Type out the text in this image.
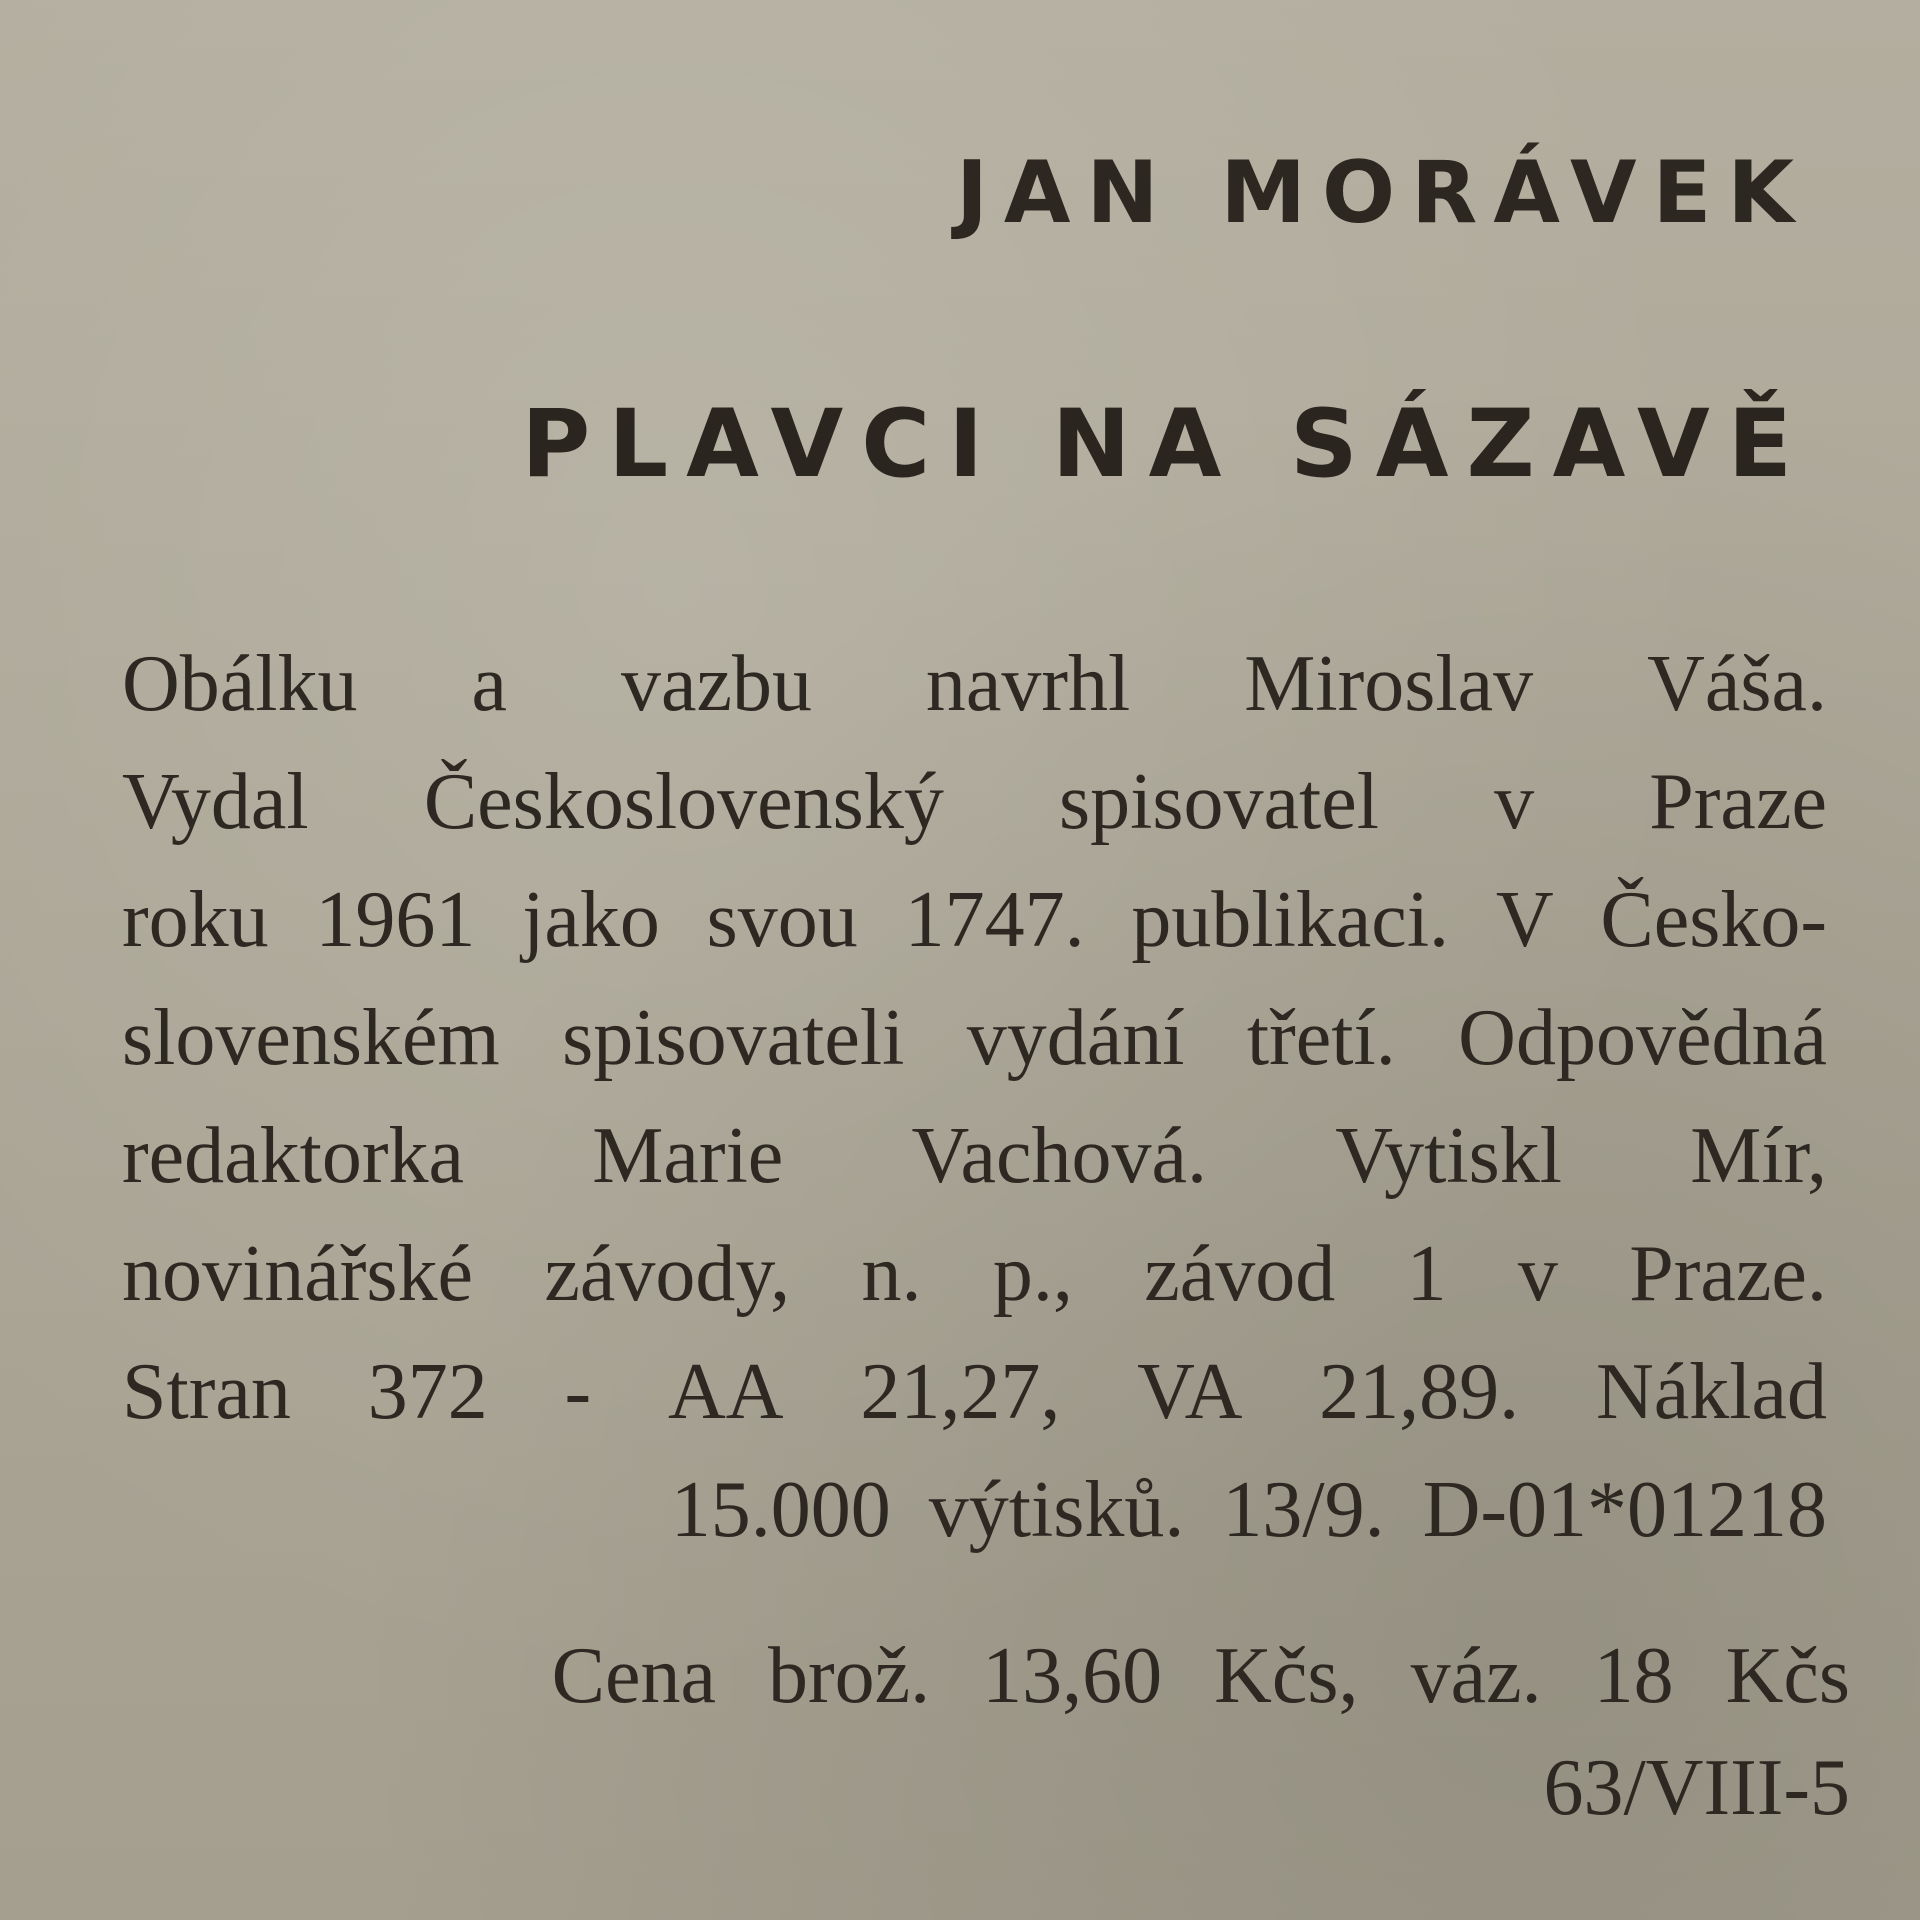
JAN MORÁVEK
PLAVCI NA SÁZAVĚ
Obálku a vazbu navrhl Miroslav Váša.
Vydal Československý spisovatel v Praze
roku 1961 jako svou 1747. publikaci. V Česko-
slovenském spisovateli vydání třetí. Odpovědná
redaktorka Marie Vachová. Vytiskl Mír,
novinářské závody, n. p., závod 1 v Praze.
Stran 372 - AA 21,27, VA 21,89. Náklad
15.000 výtisků. 13/9. D-01*01218
Cena brož. 13,60 Kčs, váz. 18 Kčs
63/VIII-5
